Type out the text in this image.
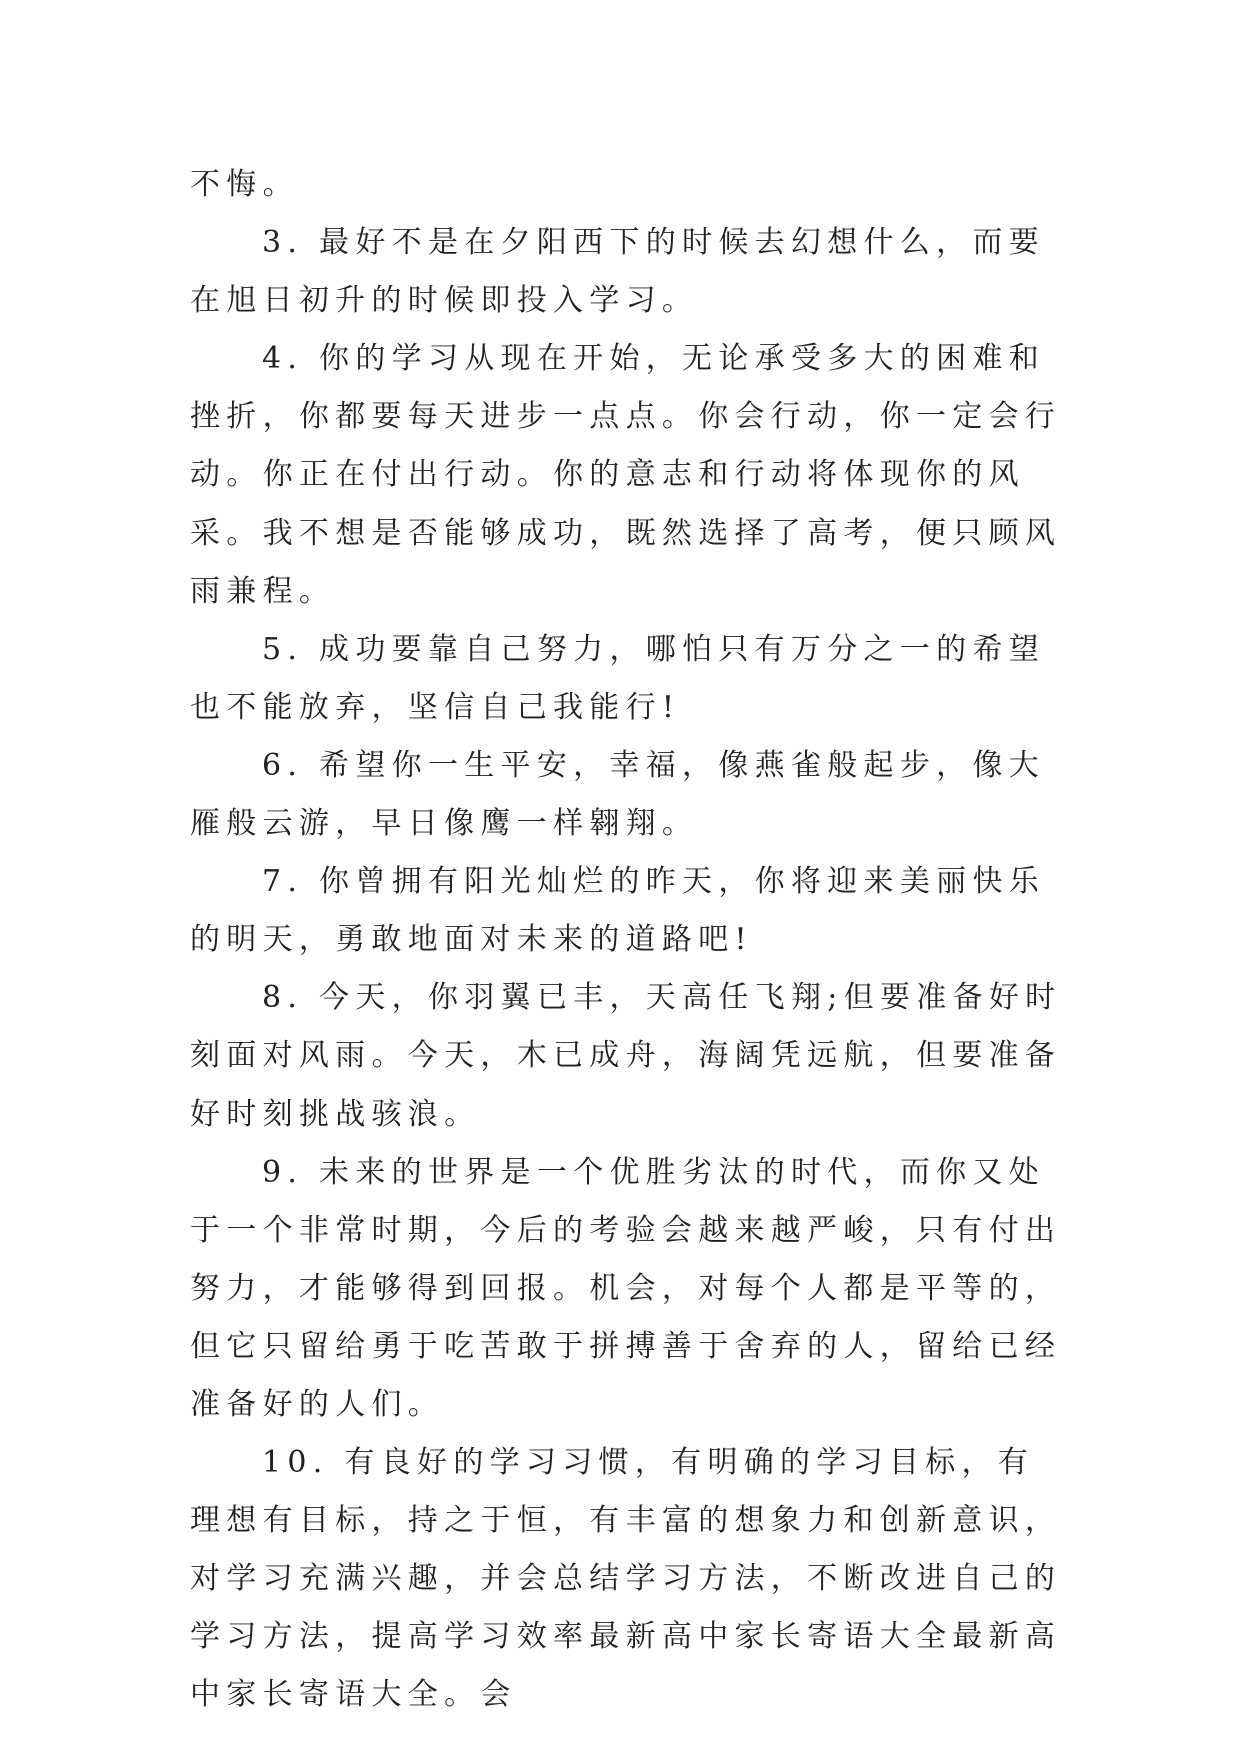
不悔。

3. 最好不是在夕阳西下的时候去幻想什么，而要在旭日初升的时候即投入学习。

4. 你的学习从现在开始，无论承受多大的困难和挫折，你都要每天进步一点点。你会行动，你一定会行动。你正在付出行动。你的意志和行动将体现你的风采。我不想是否能够成功，既然选择了高考，便只顾风雨兼程。

5. 成功要靠自己努力，哪怕只有万分之一的希望也不能放弃，坚信自己我能行!

6. 希望你一生平安，幸福，像燕雀般起步，像大雁般云游，早日像鹰一样翱翔。

7. 你曾拥有阳光灿烂的昨天，你将迎来美丽快乐的明天，勇敢地面对未来的道路吧!

8. 今天，你羽翼已丰，天高任飞翔;但要准备好时刻面对风雨。今天，木已成舟，海阔凭远航，但要准备好时刻挑战骇浪。

9. 未来的世界是一个优胜劣汰的时代，而你又处于一个非常时期，今后的考验会越来越严峻，只有付出努力，才能够得到回报。机会，对每个人都是平等的，但它只留给勇于吃苦敢于拼搏善于舍弃的人，留给已经准备好的人们。

10. 有良好的学习习惯，有明确的学习目标，有理想有目标，持之于恒，有丰富的想象力和创新意识，对学习充满兴趣，并会总结学习方法，不断改进自己的学习方法，提高学习效率最新高中家长寄语大全最新高中家长寄语大全。会
